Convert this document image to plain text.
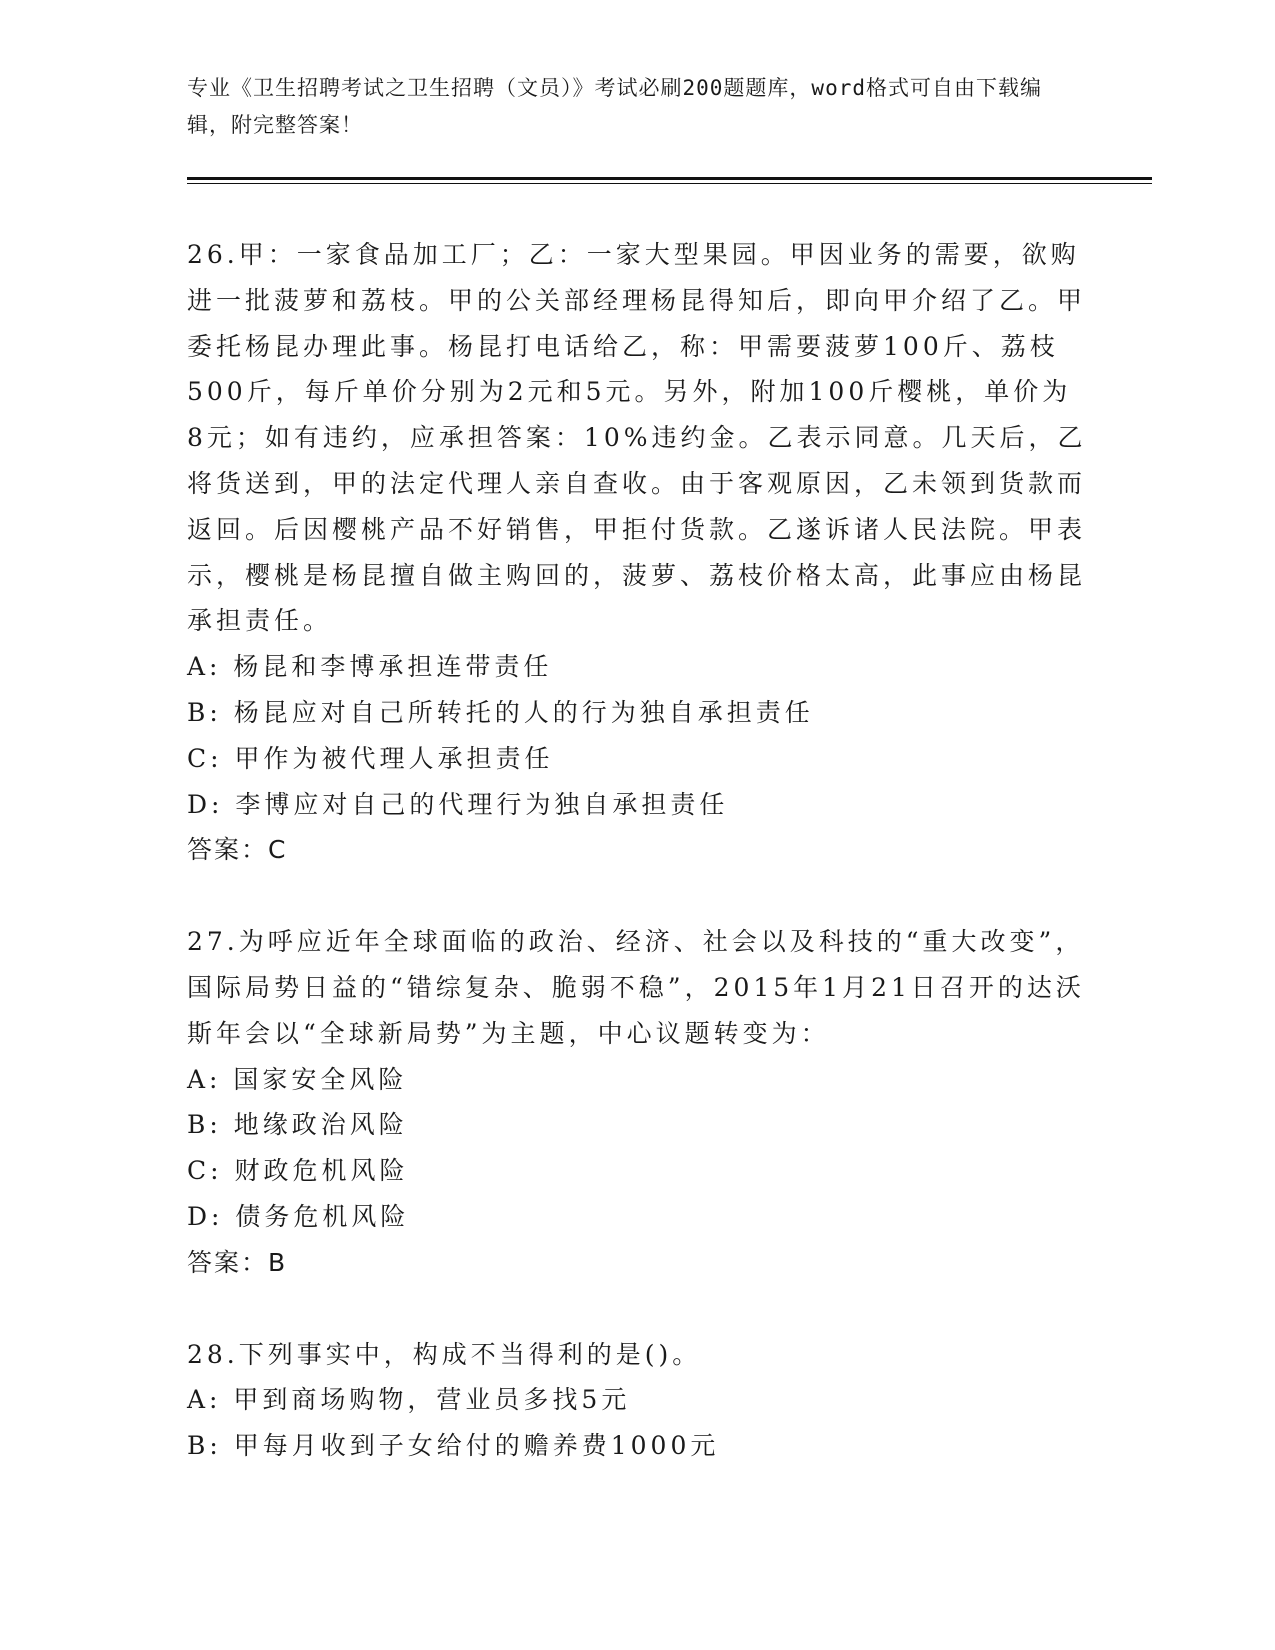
专业《卫生招聘考试之卫生招聘（文员）》考试必刷200题题库，word格式可自由下载编辑，附完整答案！

26.甲：一家食品加工厂；乙：一家大型果园。甲因业务的需要，欲购进一批菠萝和荔枝。甲的公关部经理杨昆得知后，即向甲介绍了乙。甲委托杨昆办理此事。杨昆打电话给乙，称：甲需要菠萝100斤、荔枝500斤，每斤单价分别为2元和5元。另外，附加100斤樱桃，单价为8元；如有违约，应承担答案：10%违约金。乙表示同意。几天后，乙将货送到，甲的法定代理人亲自查收。由于客观原因，乙未领到货款而返回。后因樱桃产品不好销售，甲拒付货款。乙遂诉诸人民法院。甲表示，樱桃是杨昆擅自做主购回的，菠萝、荔枝价格太高，此事应由杨昆承担责任。

A: 杨昆和李博承担连带责任

B: 杨昆应对自己所转托的人的行为独自承担责任

C: 甲作为被代理人承担责任

D: 李博应对自己的代理行为独自承担责任

答案：C

27.为呼应近年全球面临的政治、经济、社会以及科技的“重大改变”，国际局势日益的“错综复杂、脆弱不稳”，2015年1月21日召开的达沃斯年会以“全球新局势”为主题，中心议题转变为：

A: 国家安全风险

B: 地缘政治风险

C: 财政危机风险

D: 债务危机风险

答案：B

28.下列事实中，构成不当得利的是()。

A: 甲到商场购物，营业员多找5元

B: 甲每月收到子女给付的赡养费1000元
